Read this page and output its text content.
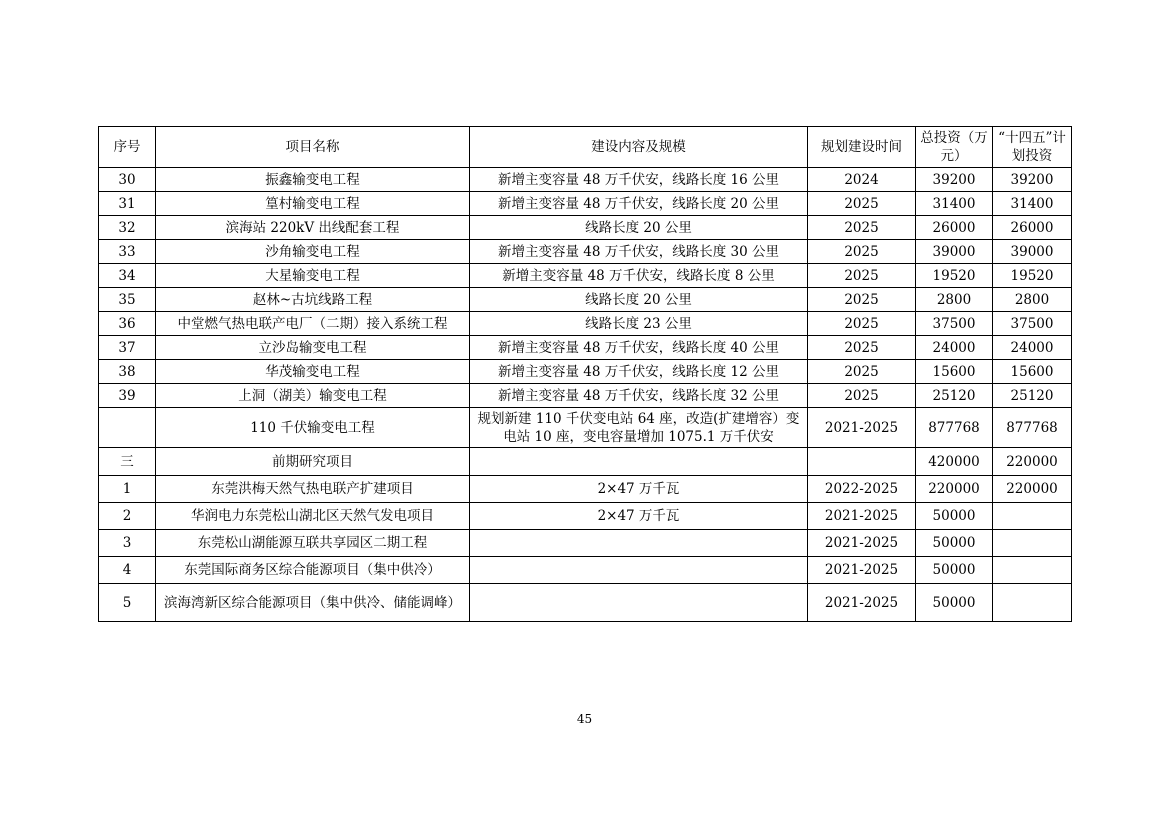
序号	项目名称	建设内容及规模	规划建设时间	总投资（万元）	“十四五”计划投资
30	振鑫输变电工程	新增主变容量 48 万千伏安，线路长度 16 公里	2024	39200	39200
31	篁村输变电工程	新增主变容量 48 万千伏安，线路长度 20 公里	2025	31400	31400
32	滨海站 220kV 出线配套工程	线路长度 20 公里	2025	26000	26000
33	沙角输变电工程	新增主变容量 48 万千伏安，线路长度 30 公里	2025	39000	39000
34	大星输变电工程	新增主变容量 48 万千伏安，线路长度 8 公里	2025	19520	19520
35	赵林~古坑线路工程	线路长度 20 公里	2025	2800	2800
36	中堂燃气热电联产电厂（二期）接入系统工程	线路长度 23 公里	2025	37500	37500
37	立沙岛输变电工程	新增主变容量 48 万千伏安，线路长度 40 公里	2025	24000	24000
38	华茂输变电工程	新增主变容量 48 万千伏安，线路长度 12 公里	2025	15600	15600
39	上洞（湖美）输变电工程	新增主变容量 48 万千伏安，线路长度 32 公里	2025	25120	25120
	110 千伏输变电工程	规划新建 110 千伏变电站 64 座，改造(扩建增容）变电站 10 座，变电容量增加 1075.1 万千伏安	2021-2025	877768	877768
三	前期研究项目			420000	220000
1	东莞洪梅天然气热电联产扩建项目	2×47 万千瓦	2022-2025	220000	220000
2	华润电力东莞松山湖北区天然气发电项目	2×47 万千瓦	2021-2025	50000	
3	东莞松山湖能源互联共享园区二期工程		2021-2025	50000	
4	东莞国际商务区综合能源项目（集中供冷）		2021-2025	50000	
5	滨海湾新区综合能源项目（集中供冷、储能调峰）		2021-2025	50000	
45
